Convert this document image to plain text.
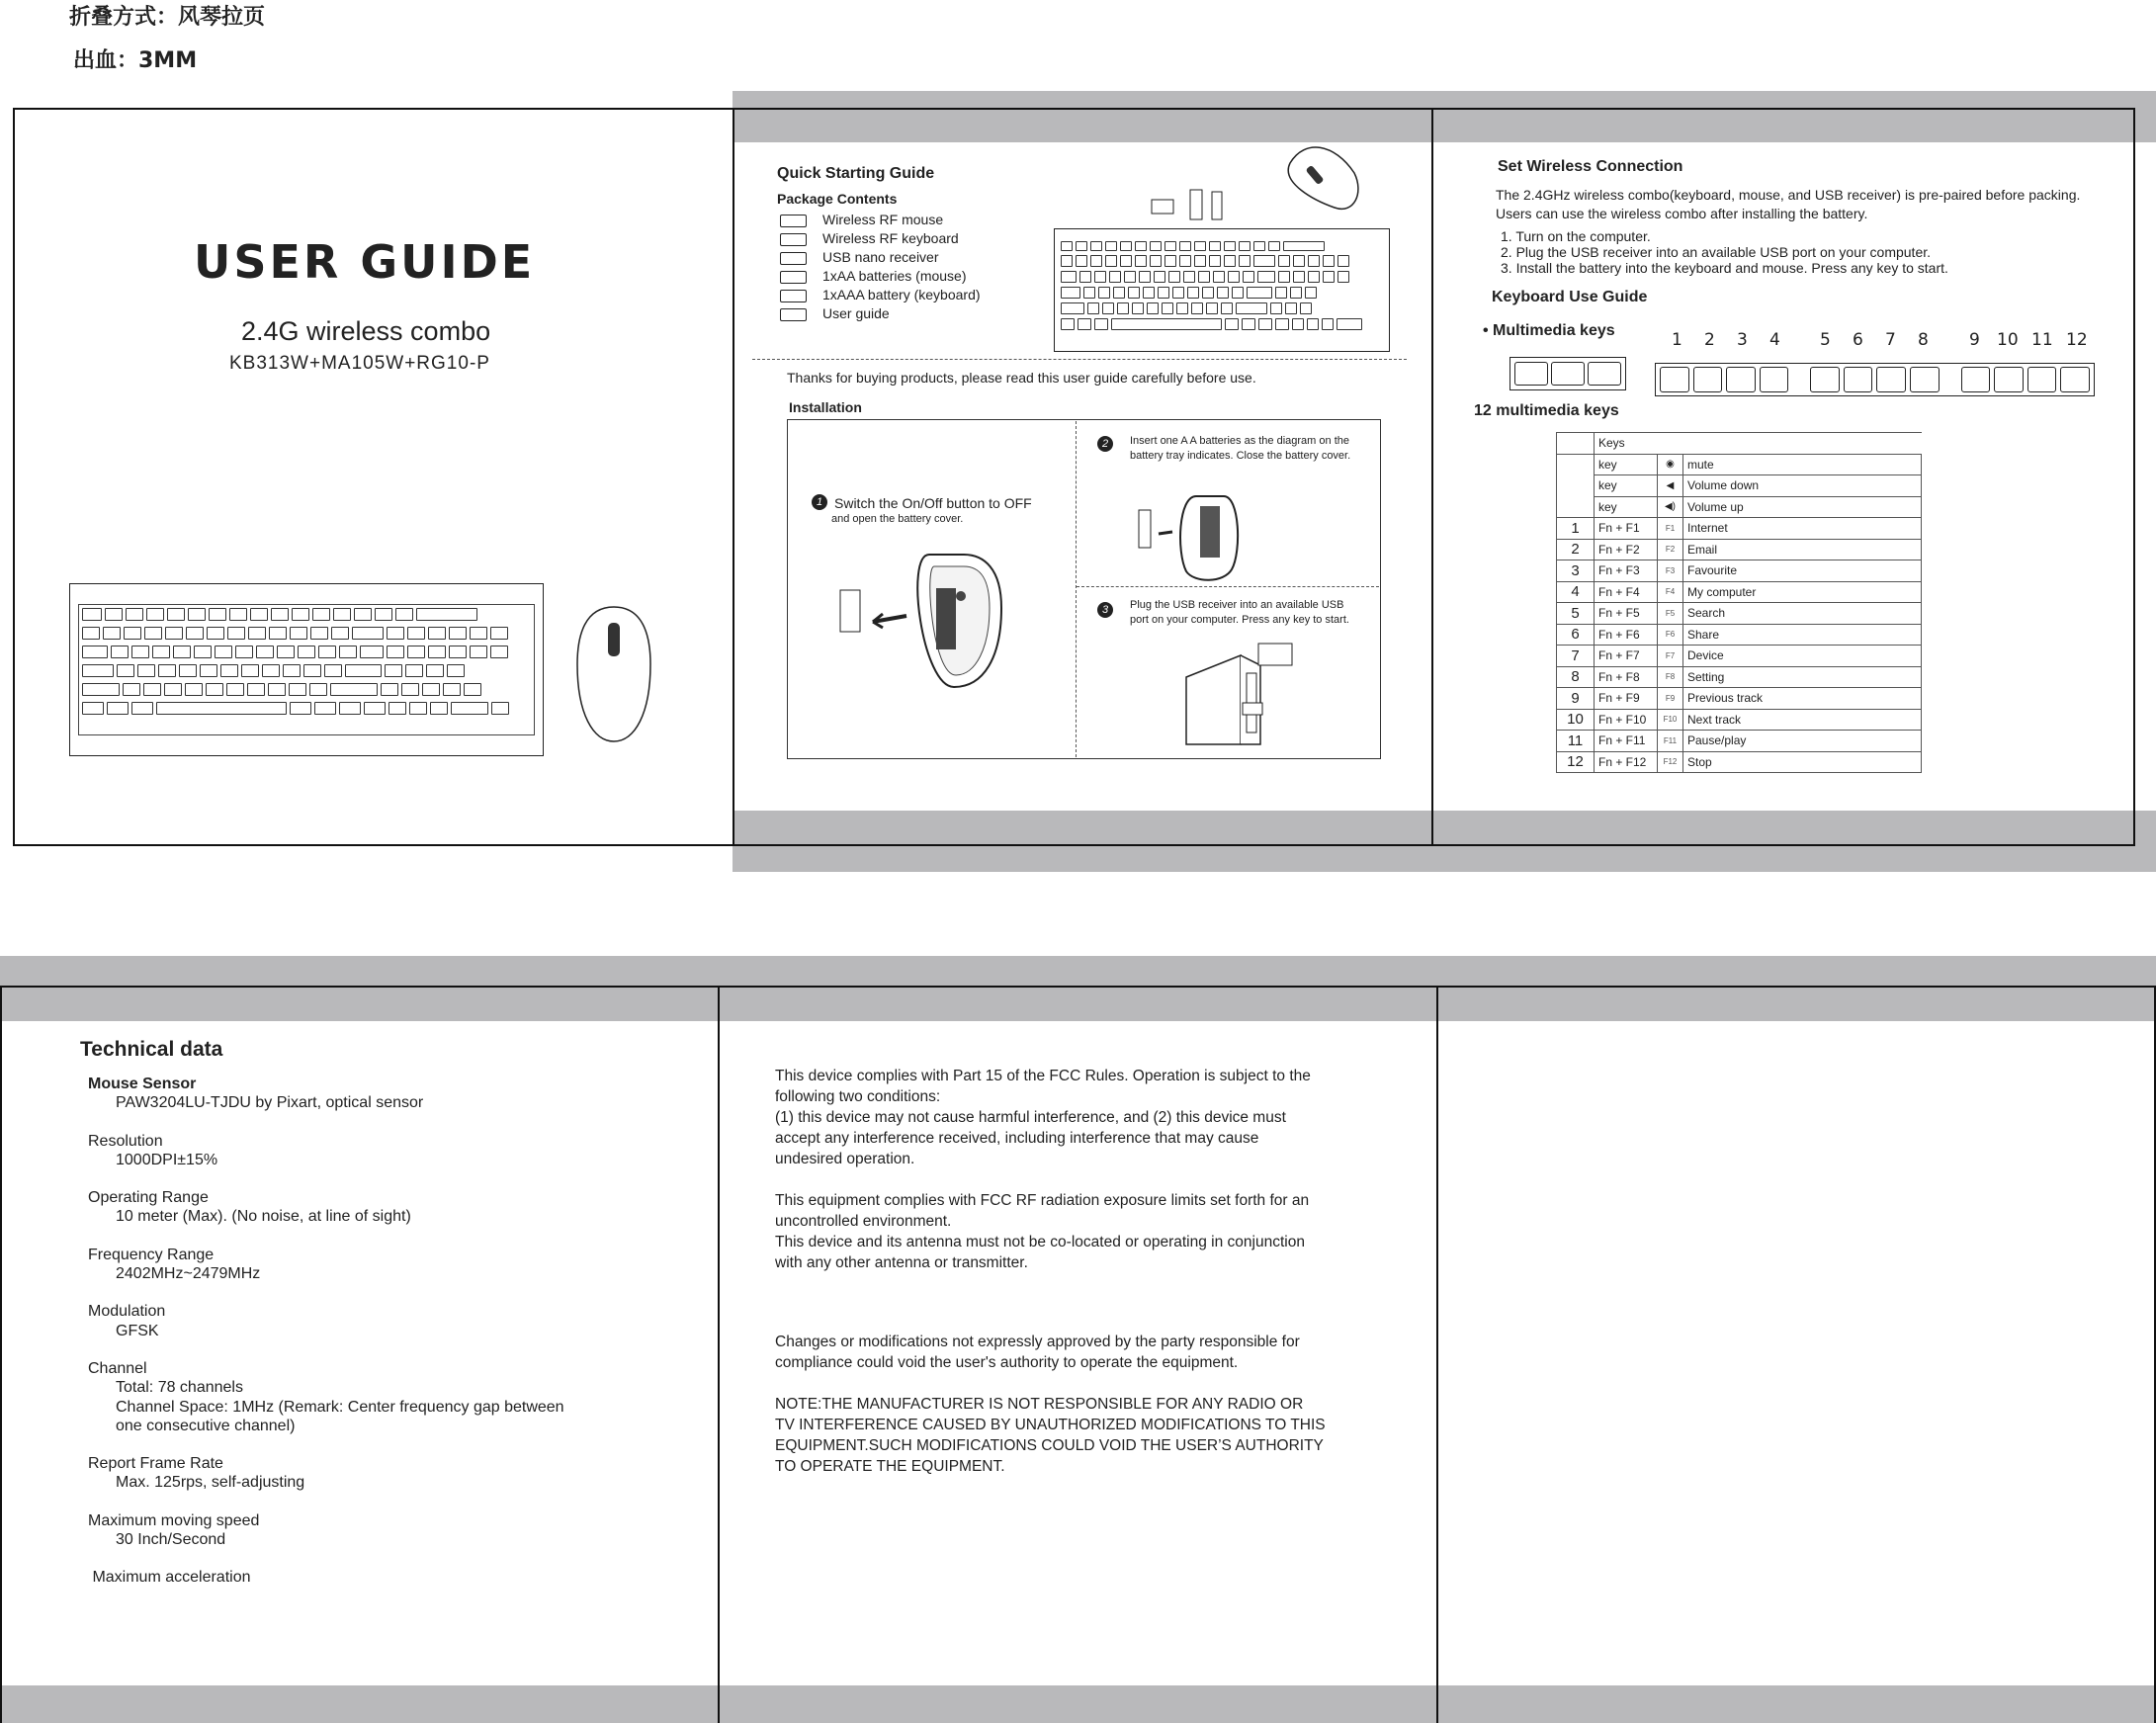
折叠方式：风琴拉页
出血：3MM
USER GUIDE
2.4G wireless combo
KB313W+MA105W+RG10-P
Quick Starting Guide
Package Contents
Wireless RF mouse
Wireless RF keyboard
USB nano receiver
1xAA batteries (mouse)
1xAAA battery (keyboard)
User guide
Thanks for buying products, please read this user guide carefully before use.
Installation
1 Switch the On/Off button to OFF
and open the battery cover.
2	Insert one A A batteries as the diagram on the battery tray indicates. Close the battery cover.
3	Plug the USB receiver into an available USB port on your computer. Press any key to start.
Set Wireless Connection
The 2.4GHz wireless combo(keyboard, mouse, and USB receiver) is pre-paired before packing. Users can use the wireless combo after installing the battery.
1. Turn on the computer.
2. Plug the USB receiver into an available USB port on your computer.
3. Install the battery into the keyboard and mouse. Press any key to start.
Keyboard Use Guide
• Multimedia keys	1 2 3 4 5 6 7 8 9 10 11 12
12 multimedia keys
	Keys		
	key	◉	mute
	key	◀	Volume down
	key	◀)	Volume up
1	Fn + F1	F1	Internet
2	Fn + F2	F2	Email
3	Fn + F3	F3	Favourite
4	Fn + F4	F4	My computer
5	Fn + F5	F5	Search
6	Fn + F6	F6	Share
7	Fn + F7	F7	Device
8	Fn + F8	F8	Setting
9	Fn + F9	F9	Previous track
10	Fn + F10	F10	Next track
11	Fn + F11	F11	Pause/play
12	Fn + F12	F12	Stop
Technical data
Mouse Sensor
PAW3204LU-TJDU by Pixart, optical sensor
Resolution
1000DPI±15%
Operating Range
10 meter (Max). (No noise, at line of sight)
Frequency Range
2402MHz~2479MHz
Modulation
GFSK
Channel
Total: 78 channels
Channel Space: 1MHz (Remark: Center frequency gap between
one consecutive channel)
Report Frame Rate
Max. 125rps, self-adjusting
Maximum moving speed
30 Inch/Second
Maximum acceleration
This device complies with Part 15 of the FCC Rules. Operation is subject to the
following two conditions:
(1) this device may not cause harmful interference, and (2) this device must
accept any interference received, including interference that may cause
undesired operation.
This equipment complies with FCC RF radiation exposure limits set forth for an
uncontrolled environment.
This device and its antenna must not be co-located or operating in conjunction
with any other antenna or transmitter.
Changes or modifications not expressly approved by the party responsible for
compliance could void the user's authority to operate the equipment.
NOTE:THE MANUFACTURER IS NOT RESPONSIBLE FOR ANY RADIO OR
TV INTERFERENCE CAUSED BY UNAUTHORIZED MODIFICATIONS TO THIS
EQUIPMENT.SUCH MODIFICATIONS COULD VOID THE USER’S AUTHORITY
TO OPERATE THE EQUIPMENT.
